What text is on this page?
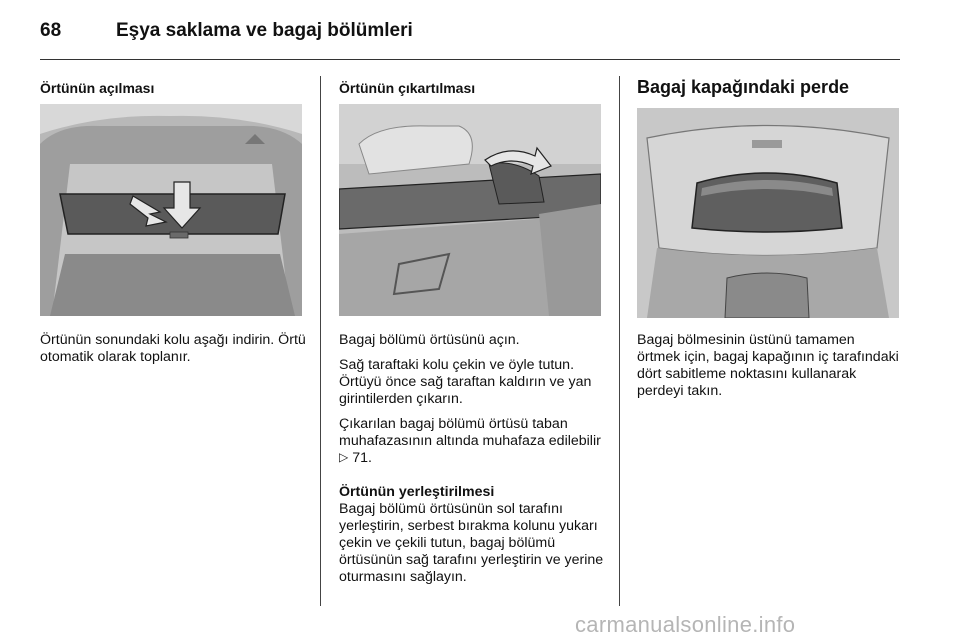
68	Eşya saklama ve bagaj bölümleri
Örtünün açılması

Örtünün sonundaki kolu aşağı indirin. Örtü otomatik olarak toplanır.

Örtünün çıkartılması

Bagaj bölümü örtüsünü açın.

Sağ taraftaki kolu çekin ve öyle tutun. Örtüyü önce sağ taraftan kaldırın ve yan girintilerden çıkarın.

Çıkarılan bagaj bölümü örtüsü taban muhafazasının altında muhafaza edilebilir ▷ 71.

Örtünün yerleştirilmesi
Bagaj bölümü örtüsünün sol tarafını yerleştirin, serbest bırakma kolunu yukarı çekin ve çekili tutun, bagaj bölümü örtüsünün sağ tarafını yerleştirin ve yerine oturmasını sağlayın.

Bagaj kapağındaki perde

Bagaj bölmesinin üstünü tamamen örtmek için, bagaj kapağının iç tarafındaki dört sabitleme noktasını kullanarak perdeyi takın.

carmanualsonline.info
